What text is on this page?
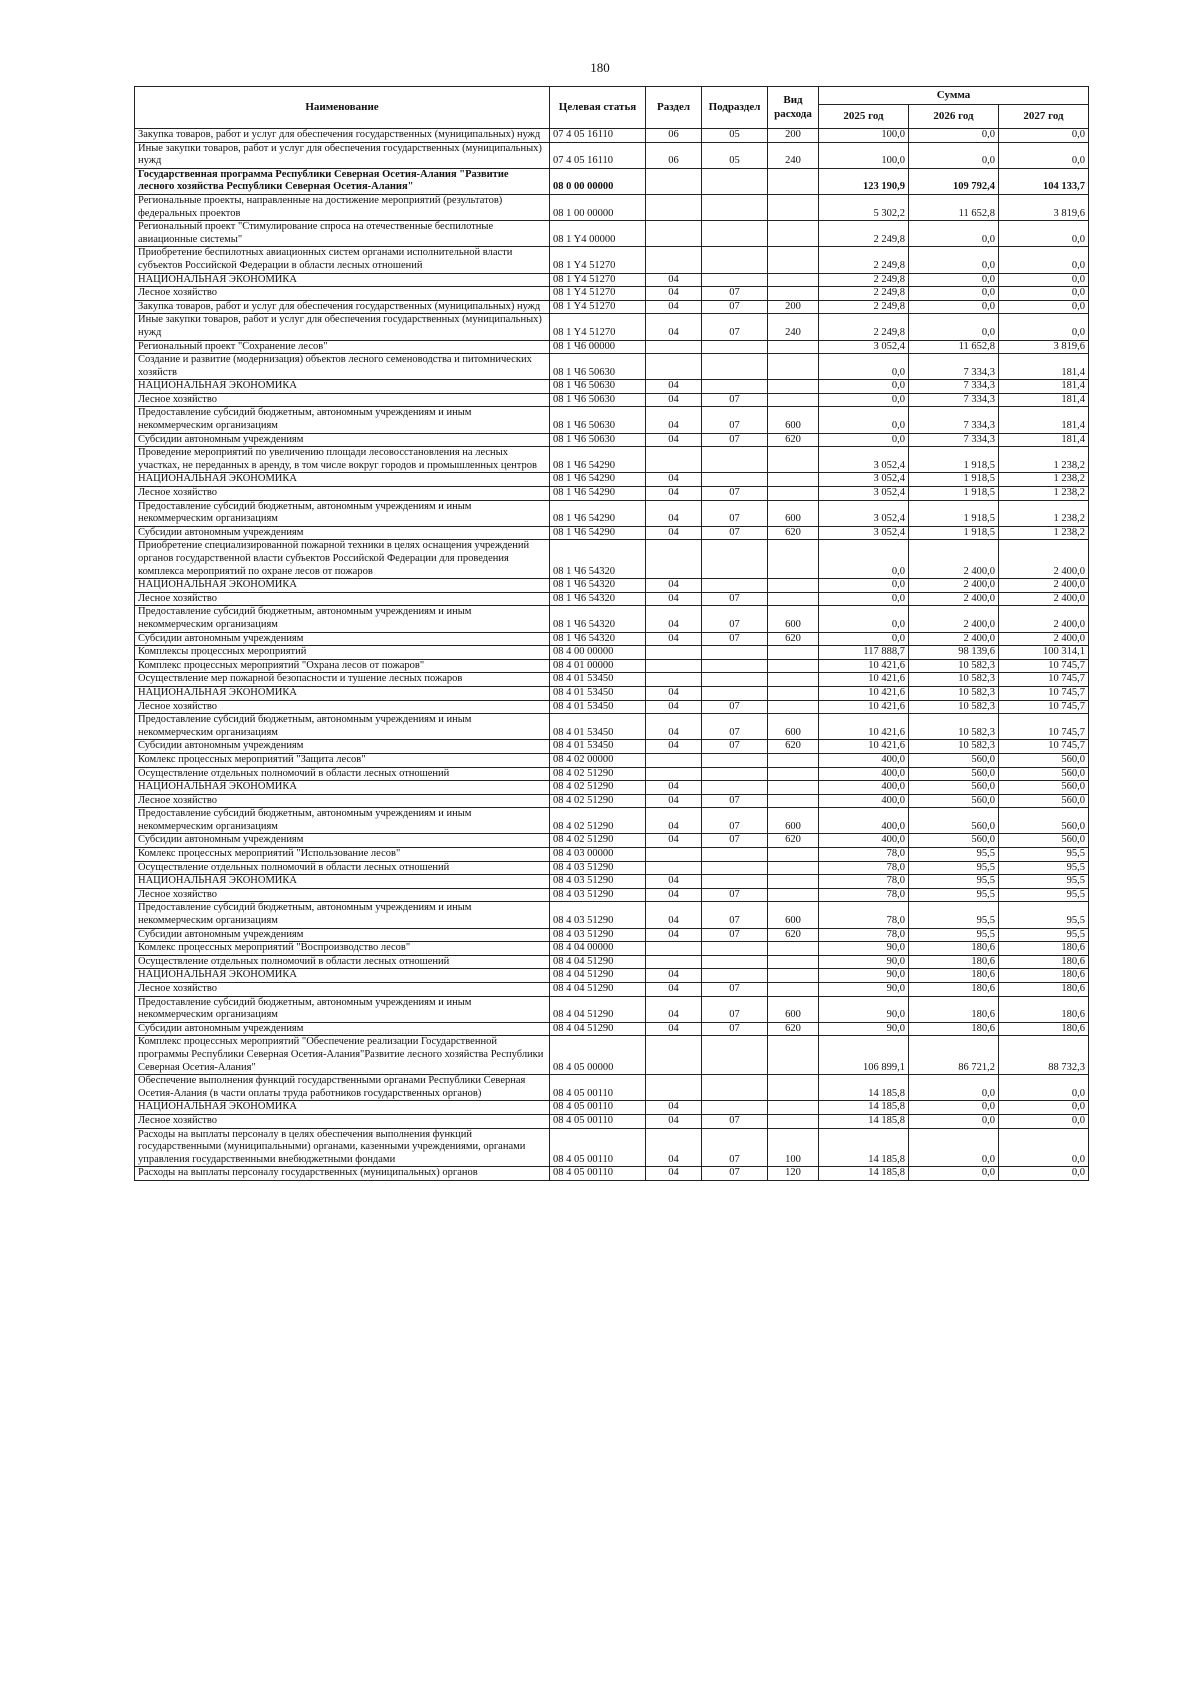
180
Наименование	Целевая статья	Раздел	Подраздел	Вид расхода	Сумма		
					2025 год	2026 год	2027 год
Закупка товаров, работ и услуг для обеспечения государственных (муниципальных) нужд	07 4 05 16110	06	05	200	100,0	0,0	0,0
Иные закупки товаров, работ и услуг для обеспечения государственных (муниципальных) нужд	07 4 05 16110	06	05	240	100,0	0,0	0,0
Государственная программа Республики Северная Осетия-Алания "Развитие лесного хозяйства Республики Северная Осетия-Алания"	08 0 00 00000				123 190,9	109 792,4	104 133,7
Региональные проекты, направленные на достижение мероприятий (результатов) федеральных проектов	08 1 00 00000				5 302,2	11 652,8	3 819,6
Региональный проект "Стимулирование спроса на отечественные беспилотные авиационные системы"	08 1 Y4 00000				2 249,8	0,0	0,0
Приобретение беспилотных авиационных систем органами исполнительной власти субъектов Российской Федерации в области лесных отношений	08 1 Y4 51270				2 249,8	0,0	0,0
НАЦИОНАЛЬНАЯ ЭКОНОМИКА	08 1 Y4 51270	04			2 249,8	0,0	0,0
Лесное хозяйство	08 1 Y4 51270	04	07		2 249,8	0,0	0,0
Закупка товаров, работ и услуг для обеспечения государственных (муниципальных) нужд	08 1 Y4 51270	04	07	200	2 249,8	0,0	0,0
Иные закупки товаров, работ и услуг для обеспечения государственных (муниципальных) нужд	08 1 Y4 51270	04	07	240	2 249,8	0,0	0,0
Региональный проект "Сохранение лесов"	08 1 Ч6 00000				3 052,4	11 652,8	3 819,6
Создание и развитие (модернизация) объектов лесного семеноводства и питомнических хозяйств	08 1 Ч6 50630				0,0	7 334,3	181,4
НАЦИОНАЛЬНАЯ ЭКОНОМИКА	08 1 Ч6 50630	04			0,0	7 334,3	181,4
Лесное хозяйство	08 1 Ч6 50630	04	07		0,0	7 334,3	181,4
Предоставление субсидий бюджетным, автономным учреждениям и иным некоммерческим организациям	08 1 Ч6 50630	04	07	600	0,0	7 334,3	181,4
Субсидии автономным учреждениям	08 1 Ч6 50630	04	07	620	0,0	7 334,3	181,4
Проведение мероприятий по увеличению площади лесовосстановления на лесных участках, не переданных в аренду, в том числе вокруг городов и промышленных центров	08 1 Ч6 54290				3 052,4	1 918,5	1 238,2
НАЦИОНАЛЬНАЯ ЭКОНОМИКА	08 1 Ч6 54290	04			3 052,4	1 918,5	1 238,2
Лесное хозяйство	08 1 Ч6 54290	04	07		3 052,4	1 918,5	1 238,2
Предоставление субсидий бюджетным, автономным учреждениям и иным некоммерческим организациям	08 1 Ч6 54290	04	07	600	3 052,4	1 918,5	1 238,2
Субсидии автономным учреждениям	08 1 Ч6 54290	04	07	620	3 052,4	1 918,5	1 238,2
Приобретение специализированной пожарной техники в целях оснащения учреждений органов государственной власти субъектов Российской Федерации для проведения комплекса мероприятий по охране лесов от пожаров	08 1 Ч6 54320				0,0	2 400,0	2 400,0
НАЦИОНАЛЬНАЯ ЭКОНОМИКА	08 1 Ч6 54320	04			0,0	2 400,0	2 400,0
Лесное хозяйство	08 1 Ч6 54320	04	07		0,0	2 400,0	2 400,0
Предоставление субсидий бюджетным, автономным учреждениям и иным некоммерческим организациям	08 1 Ч6 54320	04	07	600	0,0	2 400,0	2 400,0
Субсидии автономным учреждениям	08 1 Ч6 54320	04	07	620	0,0	2 400,0	2 400,0
Комплексы процессных мероприятий	08 4 00 00000				117 888,7	98 139,6	100 314,1
Комплекс процессных мероприятий "Охрана лесов от пожаров"	08 4 01 00000				10 421,6	10 582,3	10 745,7
Осуществление мер пожарной безопасности и тушение лесных пожаров	08 4 01 53450				10 421,6	10 582,3	10 745,7
НАЦИОНАЛЬНАЯ ЭКОНОМИКА	08 4 01 53450	04			10 421,6	10 582,3	10 745,7
Лесное хозяйство	08 4 01 53450	04	07		10 421,6	10 582,3	10 745,7
Предоставление субсидий бюджетным, автономным учреждениям и иным некоммерческим организациям	08 4 01 53450	04	07	600	10 421,6	10 582,3	10 745,7
Субсидии автономным учреждениям	08 4 01 53450	04	07	620	10 421,6	10 582,3	10 745,7
Комлекс процессных мероприятий "Защита лесов"	08 4 02 00000				400,0	560,0	560,0
Осуществление отдельных полномочий в области лесных отношений	08 4 02 51290				400,0	560,0	560,0
НАЦИОНАЛЬНАЯ ЭКОНОМИКА	08 4 02 51290	04			400,0	560,0	560,0
Лесное хозяйство	08 4 02 51290	04	07		400,0	560,0	560,0
Предоставление субсидий бюджетным, автономным учреждениям и иным некоммерческим организациям	08 4 02 51290	04	07	600	400,0	560,0	560,0
Субсидии автономным учреждениям	08 4 02 51290	04	07	620	400,0	560,0	560,0
Комлекс процессных мероприятий "Использование лесов"	08 4 03 00000				78,0	95,5	95,5
Осуществление отдельных полномочий в области лесных отношений	08 4 03 51290				78,0	95,5	95,5
НАЦИОНАЛЬНАЯ ЭКОНОМИКА	08 4 03 51290	04			78,0	95,5	95,5
Лесное хозяйство	08 4 03 51290	04	07		78,0	95,5	95,5
Предоставление субсидий бюджетным, автономным учреждениям и иным некоммерческим организациям	08 4 03 51290	04	07	600	78,0	95,5	95,5
Субсидии автономным учреждениям	08 4 03 51290	04	07	620	78,0	95,5	95,5
Комлекс процессных мероприятий "Воспроизводство лесов"	08 4 04 00000				90,0	180,6	180,6
Осуществление отдельных полномочий в области лесных отношений	08 4 04 51290				90,0	180,6	180,6
НАЦИОНАЛЬНАЯ ЭКОНОМИКА	08 4 04 51290	04			90,0	180,6	180,6
Лесное хозяйство	08 4 04 51290	04	07		90,0	180,6	180,6
Предоставление субсидий бюджетным, автономным учреждениям и иным некоммерческим организациям	08 4 04 51290	04	07	600	90,0	180,6	180,6
Субсидии автономным учреждениям	08 4 04 51290	04	07	620	90,0	180,6	180,6
Комплекс процессных мероприятий "Обеспечение реализации Государственной программы Республики Северная Осетия-Алания"Развитие лесного хозяйства Республики Северная Осетия-Алания"	08 4 05 00000				106 899,1	86 721,2	88 732,3
Обеспечение выполнения функций государственными органами Республики Северная Осетия-Алания (в части оплаты труда работников государственных органов)	08 4 05 00110				14 185,8	0,0	0,0
НАЦИОНАЛЬНАЯ ЭКОНОМИКА	08 4 05 00110	04			14 185,8	0,0	0,0
Лесное хозяйство	08 4 05 00110	04	07		14 185,8	0,0	0,0
Расходы на выплаты персоналу в целях обеспечения выполнения функций государственными (муниципальными) органами, казенными учреждениями, органами управления государственными внебюджетными фондами	08 4 05 00110	04	07	100	14 185,8	0,0	0,0
Расходы на выплаты персоналу государственных (муниципальных) органов	08 4 05 00110	04	07	120	14 185,8	0,0	0,0
